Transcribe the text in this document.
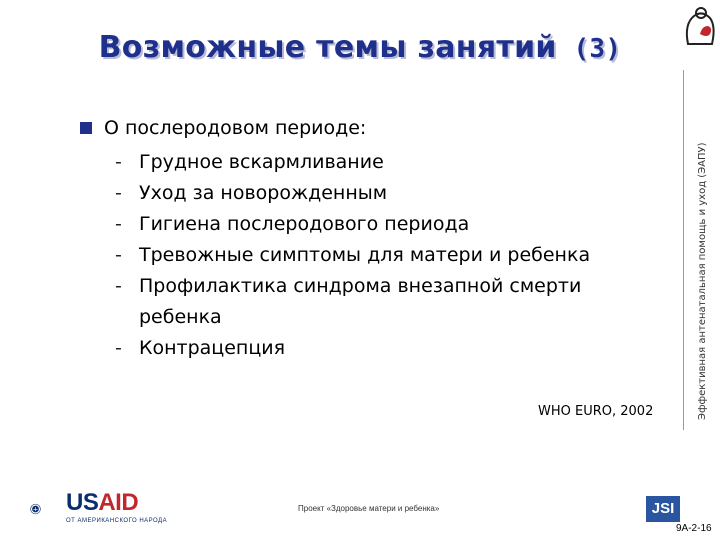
Возможные темы занятий (3)
Эффективная антенатальная помощь и уход (ЭАПУ)
О послеродовом периоде:
- Грудное вскармливание
- Уход за новорожденным
- Гигиена послеродового периода
- Тревожные симптомы для матери и ребенка
- Профилактика синдрома внезапной смерти
ребенка
- Контрацепция
WHO EURO, 2002
USAID
ОТ АМЕРИКАНСКОГО НАРОДА
Проект «Здоровье матери и ребенка»	JSI
9A-2-16
